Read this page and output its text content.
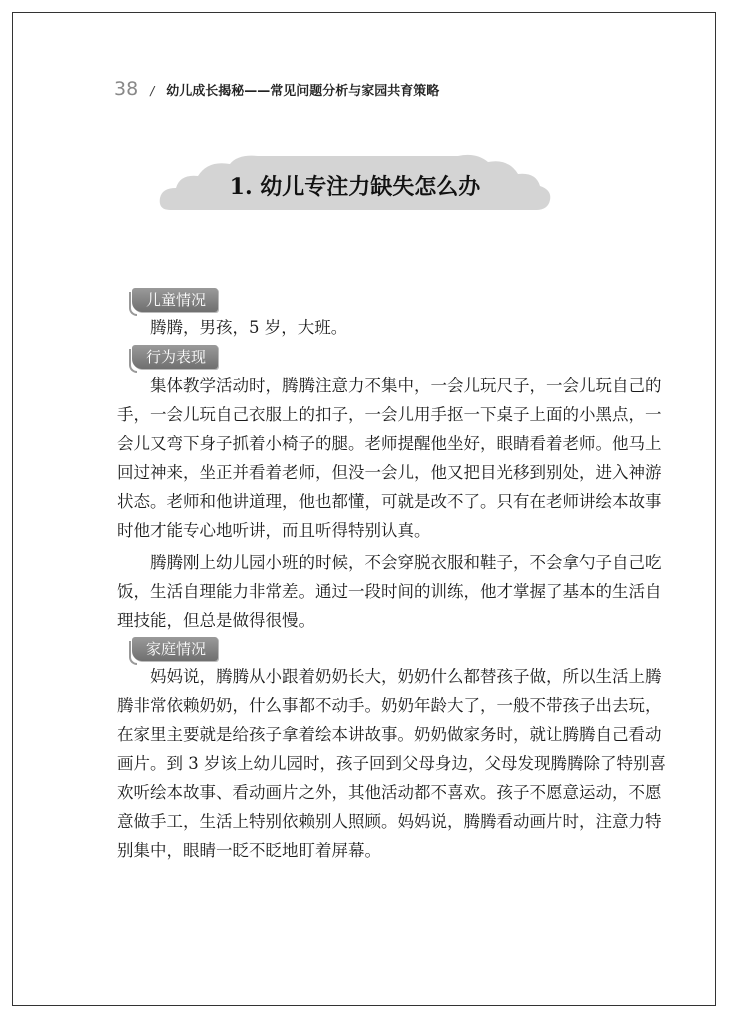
38 / 幼儿成长揭秘——常见问题分析与家园共育策略
1. 幼儿专注力缺失怎么办
儿童情况
腾腾，男孩，5 岁，大班。
行为表现
集体教学活动时，腾腾注意力不集中，一会儿玩尺子，一会儿玩自己的
手，一会儿玩自己衣服上的扣子，一会儿用手抠一下桌子上面的小黑点，一
会儿又弯下身子抓着小椅子的腿。老师提醒他坐好，眼睛看着老师。他马上
回过神来，坐正并看着老师，但没一会儿，他又把目光移到别处，进入神游
状态。老师和他讲道理，他也都懂，可就是改不了。只有在老师讲绘本故事
时他才能专心地听讲，而且听得特别认真。
腾腾刚上幼儿园小班的时候，不会穿脱衣服和鞋子，不会拿勺子自己吃
饭，生活自理能力非常差。通过一段时间的训练，他才掌握了基本的生活自
理技能，但总是做得很慢。
家庭情况
妈妈说，腾腾从小跟着奶奶长大，奶奶什么都替孩子做，所以生活上腾
腾非常依赖奶奶，什么事都不动手。奶奶年龄大了，一般不带孩子出去玩，
在家里主要就是给孩子拿着绘本讲故事。奶奶做家务时，就让腾腾自己看动
画片。到 3 岁该上幼儿园时，孩子回到父母身边，父母发现腾腾除了特别喜
欢听绘本故事、看动画片之外，其他活动都不喜欢。孩子不愿意运动，不愿
意做手工，生活上特别依赖别人照顾。妈妈说，腾腾看动画片时，注意力特
别集中，眼睛一眨不眨地盯着屏幕。
